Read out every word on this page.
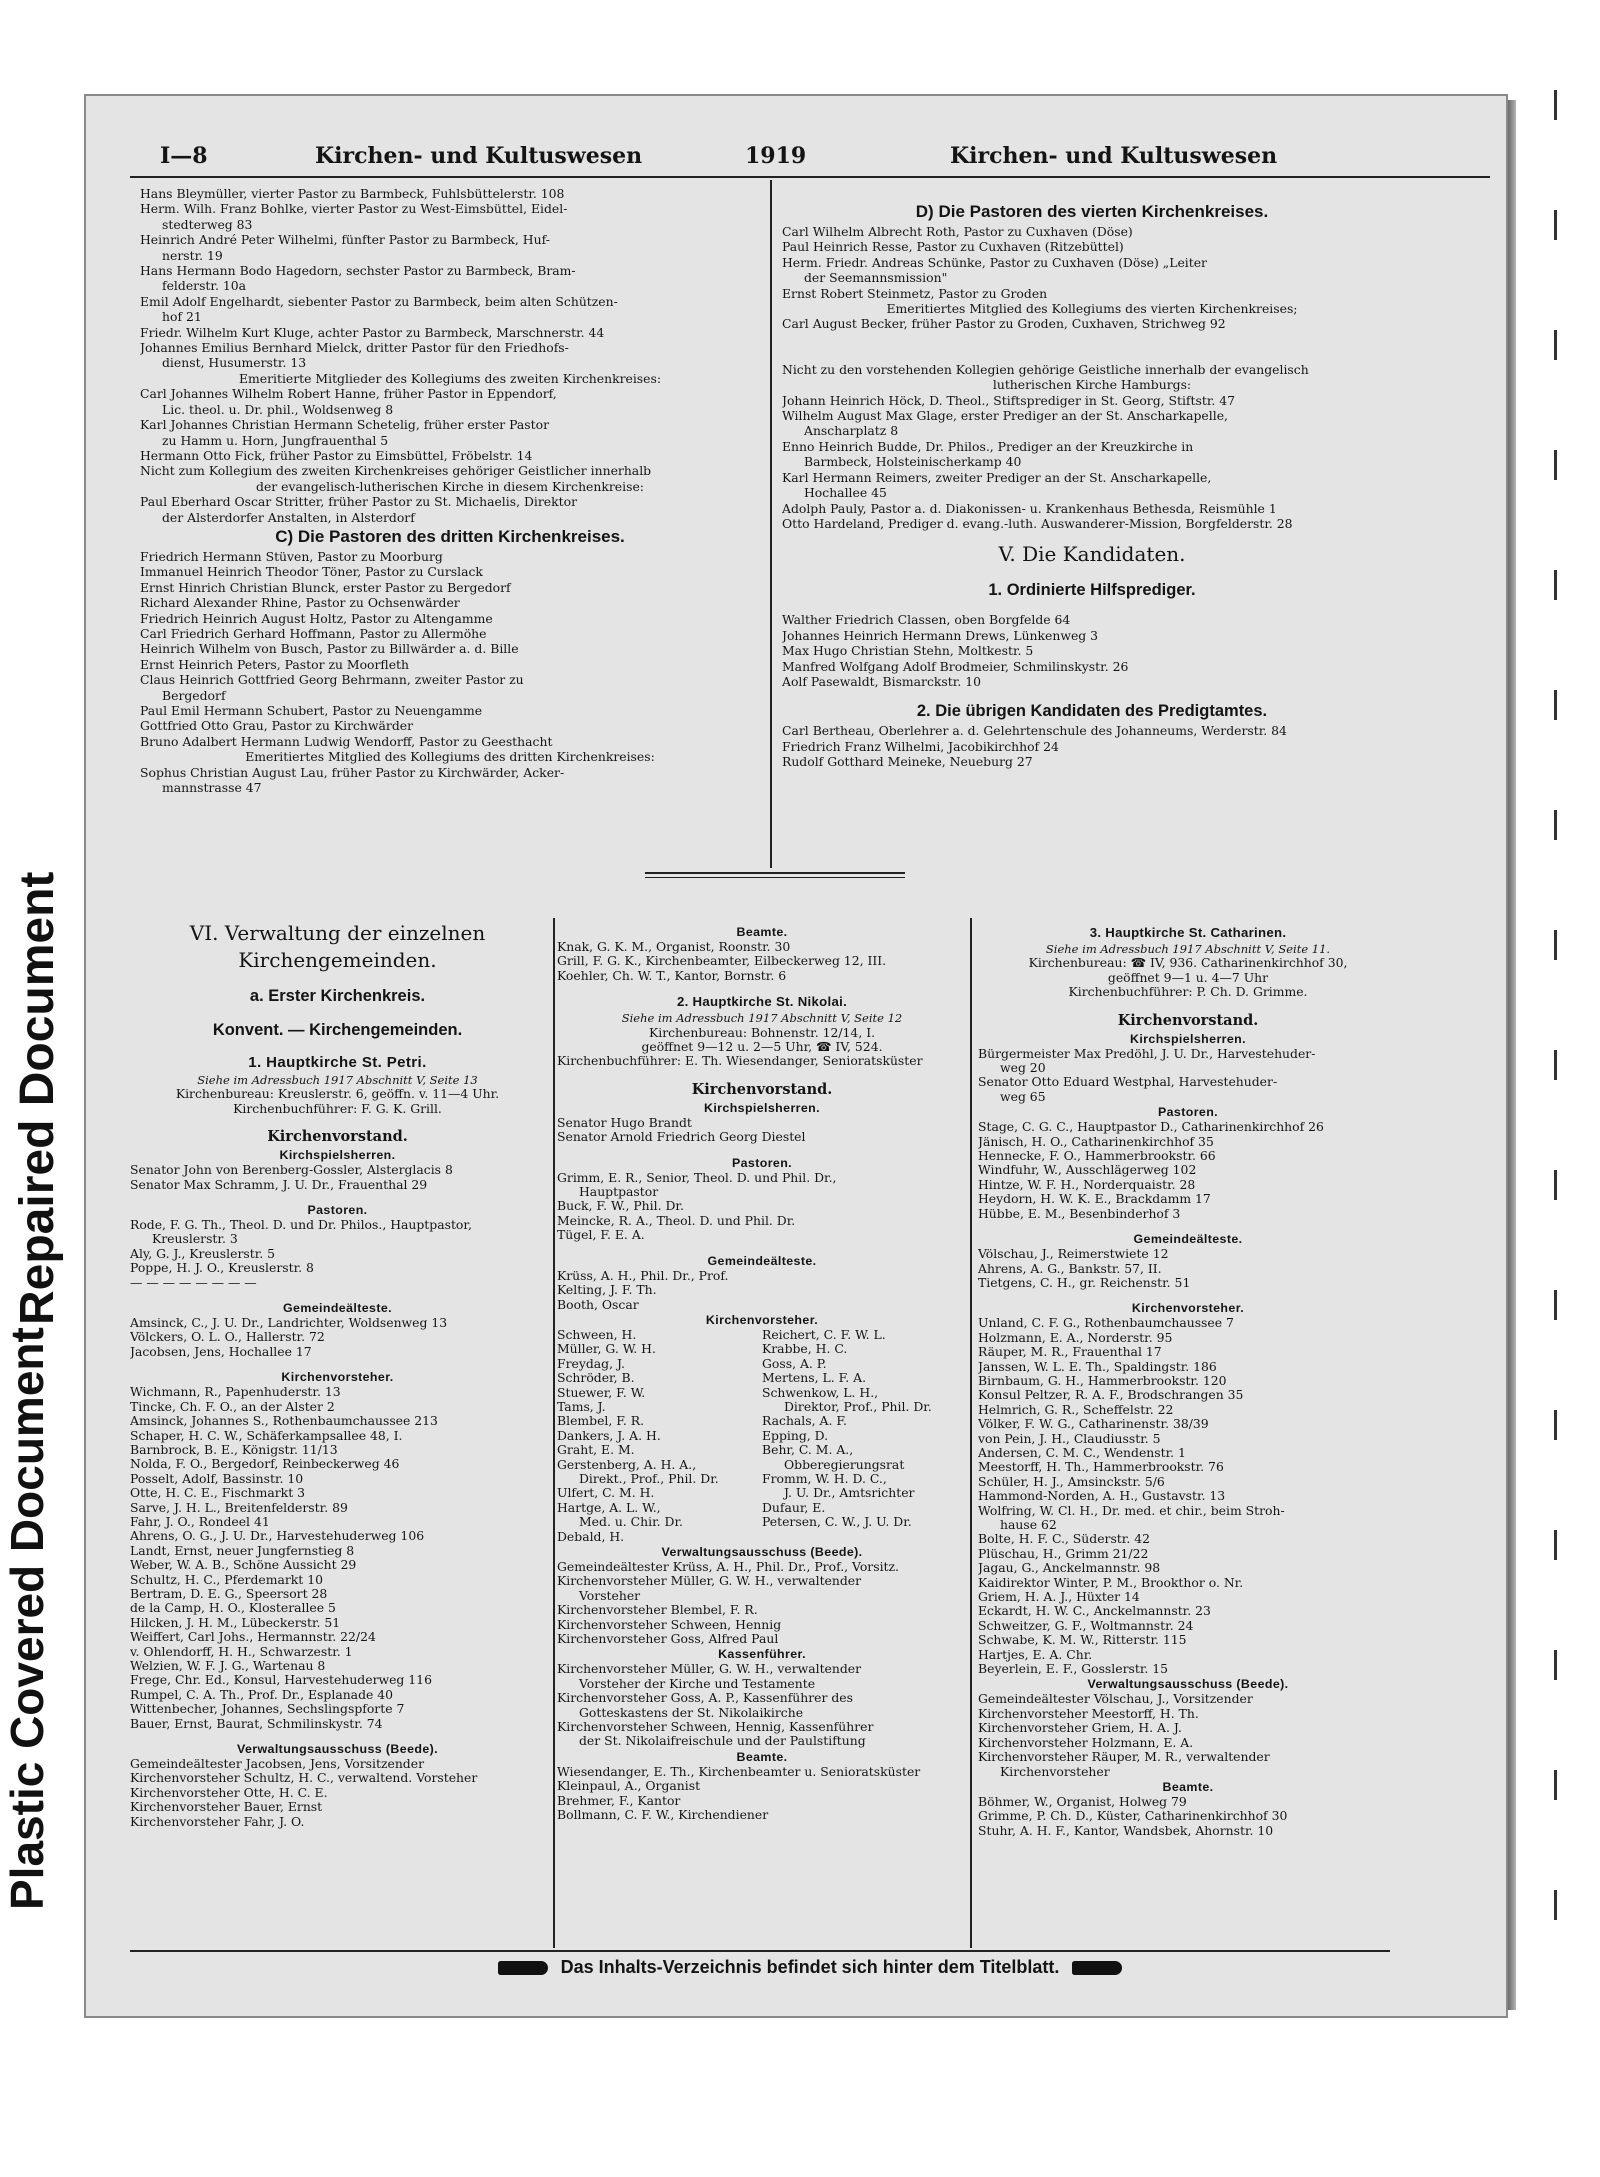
Repaired Document
Plastic Covered Document
I—8	Kirchen- und Kultuswesen	1919	Kirchen- und Kultuswesen

Hans Bleymüller, vierter Pastor zu Barmbeck, Fuhlsbüttelerstr. 108

Herm. Wilh. Franz Bohlke, vierter Pastor zu West-Eimsbüttel, Eidel-

stedterweg 83

Heinrich André Peter Wilhelmi, fünfter Pastor zu Barmbeck, Huf-

nerstr. 19

Hans Hermann Bodo Hagedorn, sechster Pastor zu Barmbeck, Bram-

felderstr. 10a

Emil Adolf Engelhardt, siebenter Pastor zu Barmbeck, beim alten Schützen-

hof 21

Friedr. Wilhelm Kurt Kluge, achter Pastor zu Barmbeck, Marschnerstr. 44

Johannes Emilius Bernhard Mielck, dritter Pastor für den Friedhofs-

dienst, Husumerstr. 13

Emeritierte Mitglieder des Kollegiums des zweiten Kirchenkreises:

Carl Johannes Wilhelm Robert Hanne, früher Pastor in Eppendorf,

Lic. theol. u. Dr. phil., Woldsenweg 8

Karl Johannes Christian Hermann Schetelig, früher erster Pastor

zu Hamm u. Horn, Jungfrauenthal 5

Hermann Otto Fick, früher Pastor zu Eimsbüttel, Fröbelstr. 14

Nicht zum Kollegium des zweiten Kirchenkreises gehöriger Geistlicher innerhalb

der evangelisch-lutherischen Kirche in diesem Kirchenkreise:

Paul Eberhard Oscar Stritter, früher Pastor zu St. Michaelis, Direktor

der Alsterdorfer Anstalten, in Alsterdorf

C) Die Pastoren des dritten Kirchenkreises.

Friedrich Hermann Stüven, Pastor zu Moorburg

Immanuel Heinrich Theodor Töner, Pastor zu Curslack

Ernst Hinrich Christian Blunck, erster Pastor zu Bergedorf

Richard Alexander Rhine, Pastor zu Ochsenwärder

Friedrich Heinrich August Holtz, Pastor zu Altengamme

Carl Friedrich Gerhard Hoffmann, Pastor zu Allermöhe

Heinrich Wilhelm von Busch, Pastor zu Billwärder a. d. Bille

Ernst Heinrich Peters, Pastor zu Moorfleth

Claus Heinrich Gottfried Georg Behrmann, zweiter Pastor zu

Bergedorf

Paul Emil Hermann Schubert, Pastor zu Neuengamme

Gottfried Otto Grau, Pastor zu Kirchwärder

Bruno Adalbert Hermann Ludwig Wendorff, Pastor zu Geesthacht

Emeritiertes Mitglied des Kollegiums des dritten Kirchenkreises:

Sophus Christian August Lau, früher Pastor zu Kirchwärder, Acker-

mannstrasse 47

D) Die Pastoren des vierten Kirchenkreises.

Carl Wilhelm Albrecht Roth, Pastor zu Cuxhaven (Döse)

Paul Heinrich Resse, Pastor zu Cuxhaven (Ritzebüttel)

Herm. Friedr. Andreas Schünke, Pastor zu Cuxhaven (Döse) „Leiter

der Seemannsmission"

Ernst Robert Steinmetz, Pastor zu Groden

Emeritiertes Mitglied des Kollegiums des vierten Kirchenkreises;

Carl August Becker, früher Pastor zu Groden, Cuxhaven, Strichweg 92

Nicht zu den vorstehenden Kollegien gehörige Geistliche innerhalb der evangelisch

lutherischen Kirche Hamburgs:

Johann Heinrich Höck, D. Theol., Stiftsprediger in St. Georg, Stiftstr. 47

Wilhelm August Max Glage, erster Prediger an der St. Anscharkapelle,

Anscharplatz 8

Enno Heinrich Budde, Dr. Philos., Prediger an der Kreuzkirche in

Barmbeck, Holsteinischerkamp 40

Karl Hermann Reimers, zweiter Prediger an der St. Anscharkapelle,

Hochallee 45

Adolph Pauly, Pastor a. d. Diakonissen- u. Krankenhaus Bethesda, Reismühle 1

Otto Hardeland, Prediger d. evang.-luth. Auswanderer-Mission, Borgfelderstr. 28

V. Die Kandidaten.

1. Ordinierte Hilfsprediger.

Walther Friedrich Classen, oben Borgfelde 64

Johannes Heinrich Hermann Drews, Lünkenweg 3

Max Hugo Christian Stehn, Moltkestr. 5

Manfred Wolfgang Adolf Brodmeier, Schmilinskystr. 26

Aolf Pasewaldt, Bismarckstr. 10

2. Die übrigen Kandidaten des Predigtamtes.

Carl Bertheau, Oberlehrer a. d. Gelehrtenschule des Johanneums, Werderstr. 84

Friedrich Franz Wilhelmi, Jacobikirchhof 24

Rudolf Gotthard Meineke, Neueburg 27

VI. Verwaltung der einzelnen

Kirchengemeinden.

a. Erster Kirchenkreis.

Konvent. — Kirchengemeinden.

1. Hauptkirche St. Petri.

Siehe im Adressbuch 1917 Abschnitt V, Seite 13

Kirchenbureau: Kreuslerstr. 6, geöffn. v. 11—4 Uhr.

Kirchenbuchführer: F. G. K. Grill.

Kirchenvorstand.

Kirchspielsherren.

Senator John von Berenberg-Gossler, Alsterglacis 8

Senator Max Schramm, J. U. Dr., Frauenthal 29

Pastoren.

Rode, F. G. Th., Theol. D. und Dr. Philos., Hauptpastor,

Kreuslerstr. 3

Aly, G. J., Kreuslerstr. 5

Poppe, H. J. O., Kreuslerstr. 8

— — — — — — — —

Gemeindeälteste.

Amsinck, C., J. U. Dr., Landrichter, Woldsenweg 13

Völckers, O. L. O., Hallerstr. 72

Jacobsen, Jens, Hochallee 17

Kirchenvorsteher.

Wichmann, R., Papenhuderstr. 13

Tincke, Ch. F. O., an der Alster 2

Amsinck, Johannes S., Rothenbaumchaussee 213

Schaper, H. C. W., Schäferkampsallee 48, I.

Barnbrock, B. E., Königstr. 11/13

Nolda, F. O., Bergedorf, Reinbeckerweg 46

Posselt, Adolf, Bassinstr. 10

Otte, H. C. E., Fischmarkt 3

Sarve, J. H. L., Breitenfelderstr. 89

Fahr, J. O., Rondeel 41

Ahrens, O. G., J. U. Dr., Harvestehuderweg 106

Landt, Ernst, neuer Jungfernstieg 8

Weber, W. A. B., Schöne Aussicht 29

Schultz, H. C., Pferdemarkt 10

Bertram, D. E. G., Speersort 28

de la Camp, H. O., Klosterallee 5

Hilcken, J. H. M., Lübeckerstr. 51

Weiffert, Carl Johs., Hermannstr. 22/24

v. Ohlendorff, H. H., Schwarzestr. 1

Welzien, W. F. J. G., Wartenau 8

Frege, Chr. Ed., Konsul, Harvestehuderweg 116

Rumpel, C. A. Th., Prof. Dr., Esplanade 40

Wittenbecher, Johannes, Sechslingspforte 7

Bauer, Ernst, Baurat, Schmilinskystr. 74

Verwaltungsausschuss (Beede).

Gemeindeältester Jacobsen, Jens, Vorsitzender

Kirchenvorsteher Schultz, H. C., verwaltend. Vorsteher

Kirchenvorsteher Otte, H. C. E.

Kirchenvorsteher Bauer, Ernst

Kirchenvorsteher Fahr, J. O.

Beamte.

Knak, G. K. M., Organist, Roonstr. 30

Grill, F. G. K., Kirchenbeamter, Eilbeckerweg 12, III.

Koehler, Ch. W. T., Kantor, Bornstr. 6

2. Hauptkirche St. Nikolai.

Siehe im Adressbuch 1917 Abschnitt V, Seite 12

Kirchenbureau: Bohnenstr. 12/14, I.

geöffnet 9—12 u. 2—5 Uhr, ☎ IV, 524.

Kirchenbuchführer: E. Th. Wiesendanger, Senioratsküster

Kirchenvorstand.

Kirchspielsherren.

Senator Hugo Brandt

Senator Arnold Friedrich Georg Diestel

Pastoren.

Grimm, E. R., Senior, Theol. D. und Phil. Dr.,

Hauptpastor

Buck, F. W., Phil. Dr.

Meincke, R. A., Theol. D. und Phil. Dr.

Tügel, F. E. A.

Gemeindeälteste.

Krüss, A. H., Phil. Dr., Prof.

Kelting, J. F. Th.

Booth, Oscar

Kirchenvorsteher.

Schween, H.	Reichert, C. F. W. L.

Müller, G. W. H.	Krabbe, H. C.

Freydag, J.	Goss, A. P.

Schröder, B.	Mertens, L. F. A.

Stuewer, F. W.	Schwenkow, L. H.,

Tams, J.	Direktor, Prof., Phil. Dr.

Blembel, F. R.	Rachals, A. F.

Dankers, J. A. H.	Epping, D.

Graht, E. M.	Behr, C. M. A.,

Gerstenberg, A. H. A.,	Obberegierungsrat

Direkt., Prof., Phil. Dr.	Fromm, W. H. D. C.,

Ulfert, C. M. H.	J. U. Dr., Amtsrichter

Hartge, A. L. W.,	Dufaur, E.

Med. u. Chir. Dr.	Petersen, C. W., J. U. Dr.

Debald, H.

Verwaltungsausschuss (Beede).

Gemeindeältester Krüss, A. H., Phil. Dr., Prof., Vorsitz.

Kirchenvorsteher Müller, G. W. H., verwaltender

Vorsteher

Kirchenvorsteher Blembel, F. R.

Kirchenvorsteher Schween, Hennig

Kirchenvorsteher Goss, Alfred Paul

Kassenführer.

Kirchenvorsteher Müller, G. W. H., verwaltender

Vorsteher der Kirche und Testamente

Kirchenvorsteher Goss, A. P., Kassenführer des

Gotteskastens der St. Nikolaikirche

Kirchenvorsteher Schween, Hennig, Kassenführer

der St. Nikolaifreischule und der Paulstiftung

Beamte.

Wiesendanger, E. Th., Kirchenbeamter u. Senioratsküster

Kleinpaul, A., Organist

Brehmer, F., Kantor

Bollmann, C. F. W., Kirchendiener

3. Hauptkirche St. Catharinen.

Siehe im Adressbuch 1917 Abschnitt V, Seite 11.

Kirchenbureau: ☎ IV, 936. Catharinenkirchhof 30,

geöffnet 9—1 u. 4—7 Uhr

Kirchenbuchführer: P. Ch. D. Grimme.

Kirchenvorstand.

Kirchspielsherren.

Bürgermeister Max Predöhl, J. U. Dr., Harvestehuder-

weg 20

Senator Otto Eduard Westphal, Harvestehuder-

weg 65

Pastoren.

Stage, C. G. C., Hauptpastor D., Catharinenkirchhof 26

Jänisch, H. O., Catharinenkirchhof 35

Hennecke, F. O., Hammerbrookstr. 66

Windfuhr, W., Ausschlägerweg 102

Hintze, W. F. H., Norderquaistr. 28

Heydorn, H. W. K. E., Brackdamm 17

Hübbe, E. M., Besenbinderhof 3

Gemeindeälteste.

Völschau, J., Reimerstwiete 12

Ahrens, A. G., Bankstr. 57, II.

Tietgens, C. H., gr. Reichenstr. 51

Kirchenvorsteher.

Unland, C. F. G., Rothenbaumchaussee 7

Holzmann, E. A., Norderstr. 95

Räuper, M. R., Frauenthal 17

Janssen, W. L. E. Th., Spaldingstr. 186

Birnbaum, G. H., Hammerbrookstr. 120

Konsul Peltzer, R. A. F., Brodschrangen 35

Helmrich, G. R., Scheffelstr. 22

Völker, F. W. G., Catharinenstr. 38/39

von Pein, J. H., Claudiusstr. 5

Andersen, C. M. C., Wendenstr. 1

Meestorff, H. Th., Hammerbrookstr. 76

Schüler, H. J., Amsinckstr. 5/6

Hammond-Norden, A. H., Gustavstr. 13

Wolfring, W. Cl. H., Dr. med. et chir., beim Stroh-

hause 62

Bolte, H. F. C., Süderstr. 42

Plüschau, H., Grimm 21/22

Jagau, G., Anckelmannstr. 98

Kaidirektor Winter, P. M., Brookthor o. Nr.

Griem, H. A. J., Hüxter 14

Eckardt, H. W. C., Anckelmannstr. 23

Schweitzer, G. F., Woltmannstr. 24

Schwabe, K. M. W., Ritterstr. 115

Hartjes, E. A. Chr.

Beyerlein, E. F., Gosslerstr. 15

Verwaltungsausschuss (Beede).

Gemeindeältester Völschau, J., Vorsitzender

Kirchenvorsteher Meestorff, H. Th.

Kirchenvorsteher Griem, H. A. J.

Kirchenvorsteher Holzmann, E. A.

Kirchenvorsteher Räuper, M. R., verwaltender

Kirchenvorsteher

Beamte.

Böhmer, W., Organist, Holweg 79

Grimme, P. Ch. D., Küster, Catharinenkirchhof 30

Stuhr, A. H. F., Kantor, Wandsbek, Ahornstr. 10

Das Inhalts-Verzeichnis befindet sich hinter dem Titelblatt.
